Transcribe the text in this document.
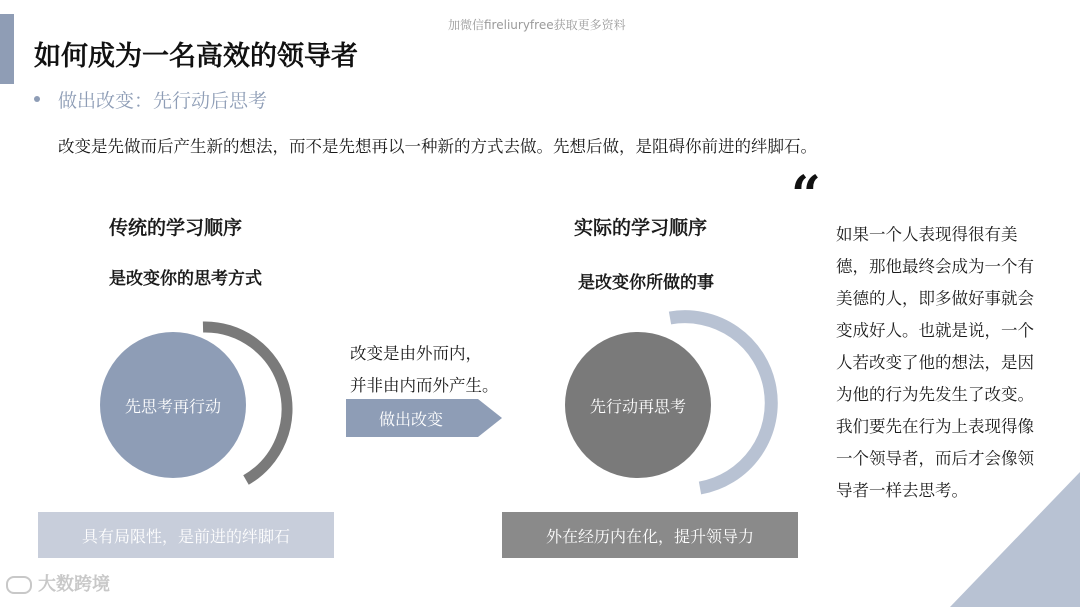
加微信fireliuryfree获取更多资料
如何成为一名高效的领导者
做出改变：先行动后思考
改变是先做而后产生新的想法，而不是先想再以一种新的方式去做。先想后做，是阻碍你前进的绊脚石。
传统的学习顺序
是改变你的思考方式
先思考再行动
具有局限性，是前进的绊脚石
改变是由外而内，
并非由内而外产生。
做出改变
实际的学习顺序
是改变你所做的事
先行动再思考
外在经历内在化，提升领导力
“
如果一个人表现得很有美德，那他最终会成为一个有美德的人，即多做好事就会变成好人。也就是说，一个人若改变了他的想法，是因为他的行为先发生了改变。我们要先在行为上表现得像一个领导者，而后才会像领导者一样去思考。
大数跨境
